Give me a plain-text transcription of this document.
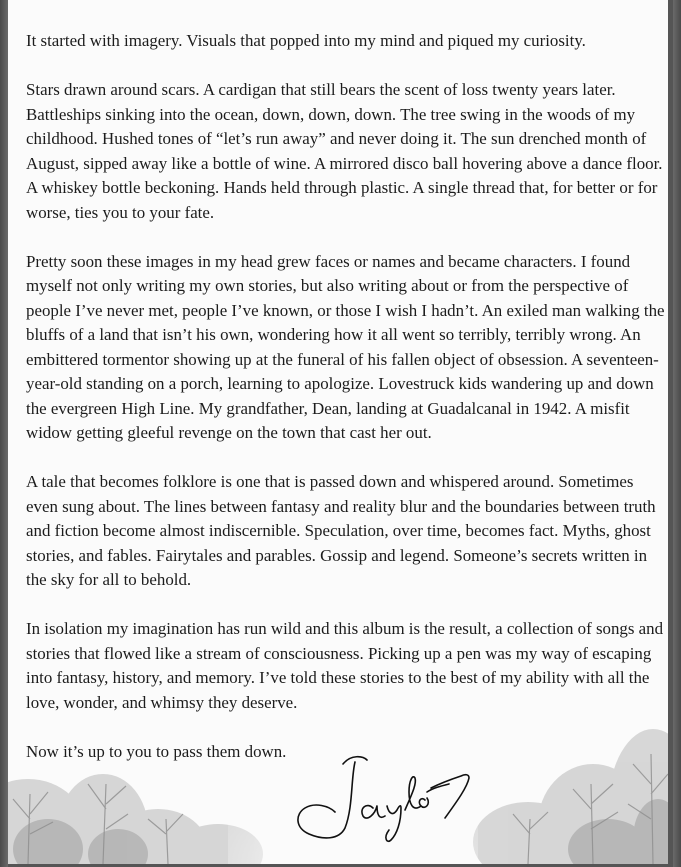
It started with imagery. Visuals that popped into my mind and piqued my curiosity.

Stars drawn around scars. A cardigan that still bears the scent of loss twenty years later. Battleships sinking into the ocean, down, down, down. The tree swing in the woods of my childhood. Hushed tones of “let’s run away” and never doing it. The sun drenched month of August, sipped away like a bottle of wine. A mirrored disco ball hovering above a dance floor. A whiskey bottle beckoning. Hands held through plastic. A single thread that, for better or for worse, ties you to your fate.

Pretty soon these images in my head grew faces or names and became characters. I found myself not only writing my own stories, but also writing about or from the perspective of people I’ve never met, people I’ve known, or those I wish I hadn’t. An exiled man walking the bluffs of a land that isn’t his own, wondering how it all went so terribly, terribly wrong. An embittered tormentor showing up at the funeral of his fallen object of obsession. A seventeen-year-old standing on a porch, learning to apologize. Lovestruck kids wandering up and down the evergreen High Line. My grandfather, Dean, landing at Guadalcanal in 1942. A misfit widow getting gleeful revenge on the town that cast her out.

A tale that becomes folklore is one that is passed down and whispered around. Sometimes even sung about. The lines between fantasy and reality blur and the boundaries between truth and fiction become almost indiscernible. Speculation, over time, becomes fact. Myths, ghost stories, and fables. Fairytales and parables. Gossip and legend. Someone’s secrets written in the sky for all to behold.

In isolation my imagination has run wild and this album is the result, a collection of songs and stories that flowed like a stream of consciousness. Picking up a pen was my way of escaping into fantasy, history, and memory. I’ve told these stories to the best of my ability with all the love, wonder, and whimsy they deserve.

Now it’s up to you to pass them down.
